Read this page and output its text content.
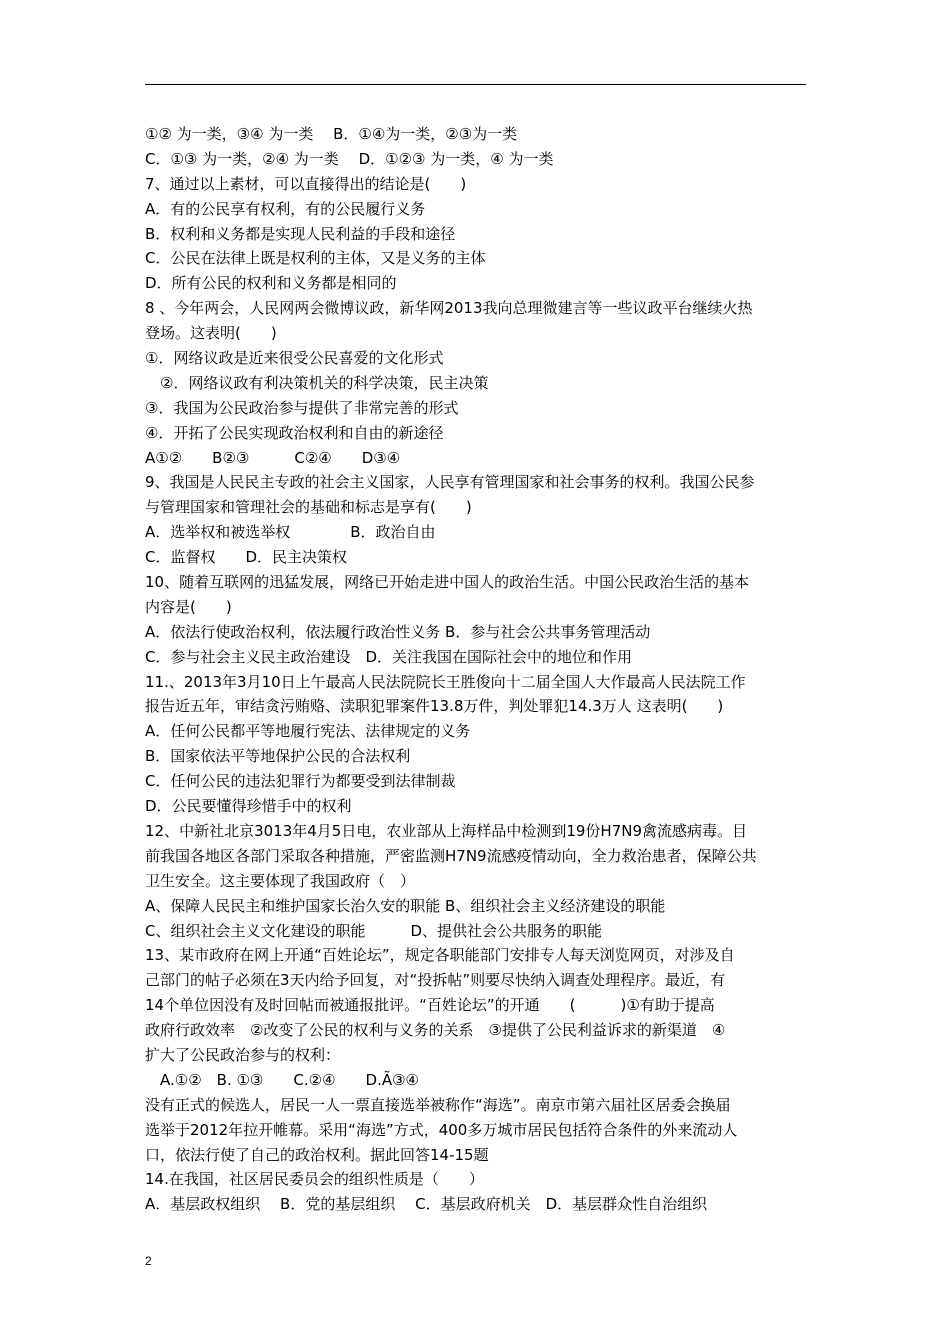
①② 为一类，③④ 为一类　 B．①④为一类，②③为一类
C．①③ 为一类，②④ 为一类　 D．①②③ 为一类，④ 为一类
7、通过以上素材，可以直接得出的结论是(　　)
A．有的公民享有权利，有的公民履行义务
B．权利和义务都是实现人民利益的手段和途径
C．公民在法律上既是权利的主体，又是义务的主体
D．所有公民的权利和义务都是相同的
8 、今年两会，人民网两会微博议政，新华网2013我向总理微建言等一些议政平台继续火热
登场。这表明(　　)
①．网络议政是近来很受公民喜爱的文化形式
　②．网络议政有利决策机关的科学决策，民主决策
③．我国为公民政治参与提供了非常完善的形式
④．开拓了公民实现政治权利和自由的新途径
A①②　　B②③　　　C②④　　D③④
9、我国是人民民主专政的社会主义国家，人民享有管理国家和社会事务的权利。我国公民参
与管理国家和管理社会的基础和标志是享有(　　)
A．选举权和被选举权　　　　B．政治自由
C．监督权　　D．民主决策权
10、随着互联网的迅猛发展，网络已开始走进中国人的政治生活。中国公民政治生活的基本
内容是(　　)
A．依法行使政治权利，依法履行政治性义务 B．参与社会公共事务管理活动
C．参与社会主义民主政治建设　D．关注我国在国际社会中的地位和作用
11.、2013年3月10日上午最高人民法院院长王胜俊向十二届全国人大作最高人民法院工作
报告近五年，审结贪污贿赂、渎职犯罪案件13.8万件，判处罪犯14.3万人 这表明(　　)
A．任何公民都平等地履行宪法、法律规定的义务
B．国家依法平等地保护公民的合法权利
C．任何公民的违法犯罪行为都要受到法律制裁
D．公民要懂得珍惜手中的权利
12、中新社北京3013年4月5日电，农业部从上海样品中检测到19份H7N9禽流感病毒。目
前我国各地区各部门采取各种措施，严密监测H7N9流感疫情动向，全力救治患者，保障公共
卫生安全。这主要体现了我国政府（　）
A、保障人民民主和维护国家长治久安的职能 B、组织社会主义经济建设的职能
C、组织社会主义文化建设的职能　　　D、提供社会公共服务的职能
13、某市政府在网上开通“百姓论坛”，规定各职能部门安排专人每天浏览网页，对涉及自
己部门的帖子必须在3天内给予回复，对“投拆帖”则要尽快纳入调查处理程序。最近，有
14个单位因没有及时回帖而被通报批评。“百姓论坛”的开通　　(　　　)①有助于提高
政府行政效率　②改变了公民的权利与义务的关系　③提供了公民利益诉求的新渠道　④
扩大了公民政治参与的权利：
　A.①②　B. ①③　　C.②④　　D.Ã③④
没有正式的候选人，居民一人一票直接选举被称作“海选”。南京市第六届社区居委会换届
选举于2012年拉开帷幕。采用“海选”方式，400多万城市居民包括符合条件的外来流动人
口，依法行使了自己的政治权利。据此回答14-15题
14.在我国，社区居民委员会的组织性质是（　　）
A．基层政权组织　 B．党的基层组织　 C．基层政府机关　D．基层群众性自治组织
2
